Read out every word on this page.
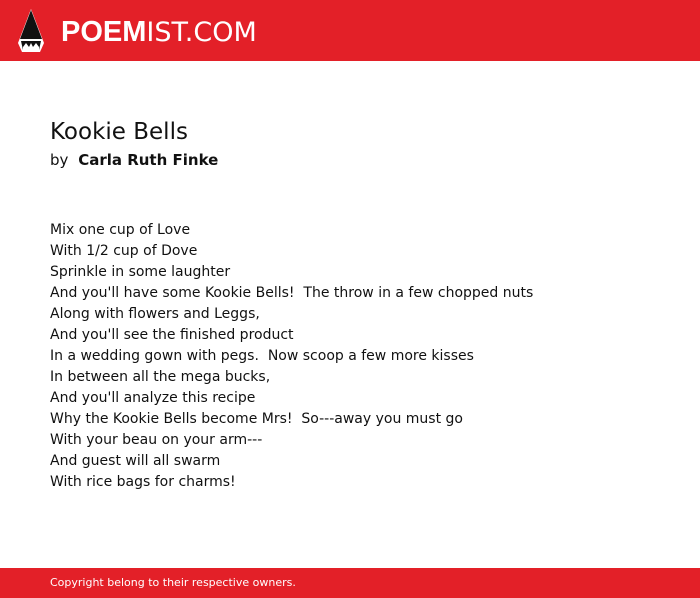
POEMIST.COM
Kookie Bells
by Carla Ruth Finke
Mix one cup of Love
With 1/2 cup of Dove
Sprinkle in some laughter
And you'll have some Kookie Bells!  The throw in a few chopped nuts
Along with flowers and Leggs,
And you'll see the finished product
In a wedding gown with pegs.  Now scoop a few more kisses
In between all the mega bucks,
And you'll analyze this recipe
Why the Kookie Bells become Mrs!  So---away you must go
With your beau on your arm---
And guest will all swarm
With rice bags for charms!
Copyright belong to their respective owners.
